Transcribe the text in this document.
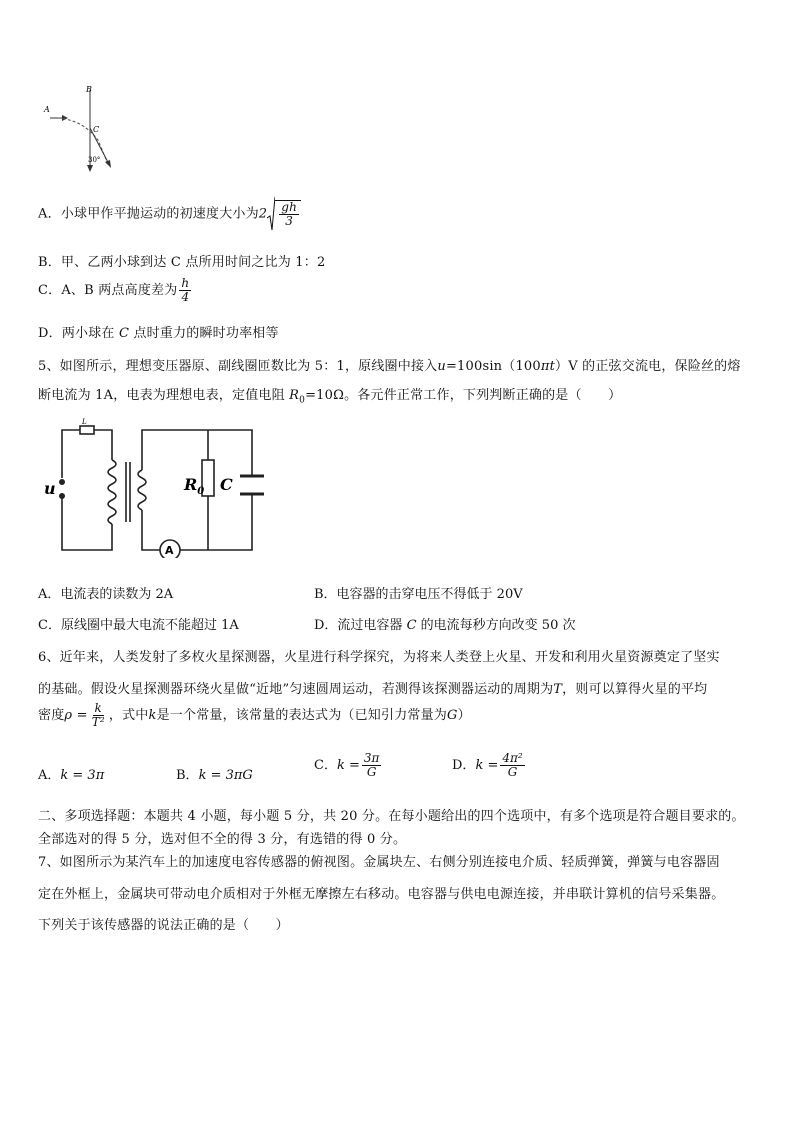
A
B
C
30°
A．小球甲作平抛运动的初速度大小为$2 \frac{gh}{3}$
B．甲、乙两小球到达 C 点所用时间之比为 1：2
C．A、B 两点高度差为 $\frac{h}{4}$
D．两小球在 C 点时重力的瞬时功率相等
5、如图所示，理想变压器原、副线圈匝数比为 5：1，原线圈中接入u=100sin（100πt）V 的正弦交流电，保险丝的熔
断电流为 1A，电表为理想电表，定值电阻 $R_0=10\Omega$。各元件正常工作，下列判断正确的是（　　）
u
L
$R_0$ C
A
A．电流表的读数为 2A	B．电容器的击穿电压不得低于 20V
C．原线圈中最大电流不能超过 1A	D．流过电容器 C 的电流每秒方向改变 50 次
6、近年来，人类发射了多枚火星探测器，火星进行科学探究，为将来人类登上火星、开发和利用火星资源奠定了坚实
的基础。假设火星探测器环绕火星做“近地”匀速圆周运动，若测得该探测器运动的周期为T，则可以算得火星的平均
密度$\rho = \frac{k}{\text{T²}}$ ，式中k是一个常量，该常量的表达式为（已知引力常量为G）
A．k = 3π	B．k = 3πG
C．$k = \frac{3\pi}{G}$	D．$k = \frac{\text{4π²}}{G}$
二、多项选择题：本题共 4 小题，每小题 5 分，共 20 分。在每小题给出的四个选项中，有多个选项是符合题目要求的。
全部选对的得 5 分，选对但不全的得 3 分，有选错的得 0 分。
7、如图所示为某汽车上的加速度电容传感器的俯视图。金属块左、右侧分别连接电介质、轻质弹簧，弹簧与电容器固
定在外框上，金属块可带动电介质相对于外框无摩擦左右移动。电容器与供电电源连接，并串联计算机的信号采集器。
下列关于该传感器的说法正确的是（　　）
